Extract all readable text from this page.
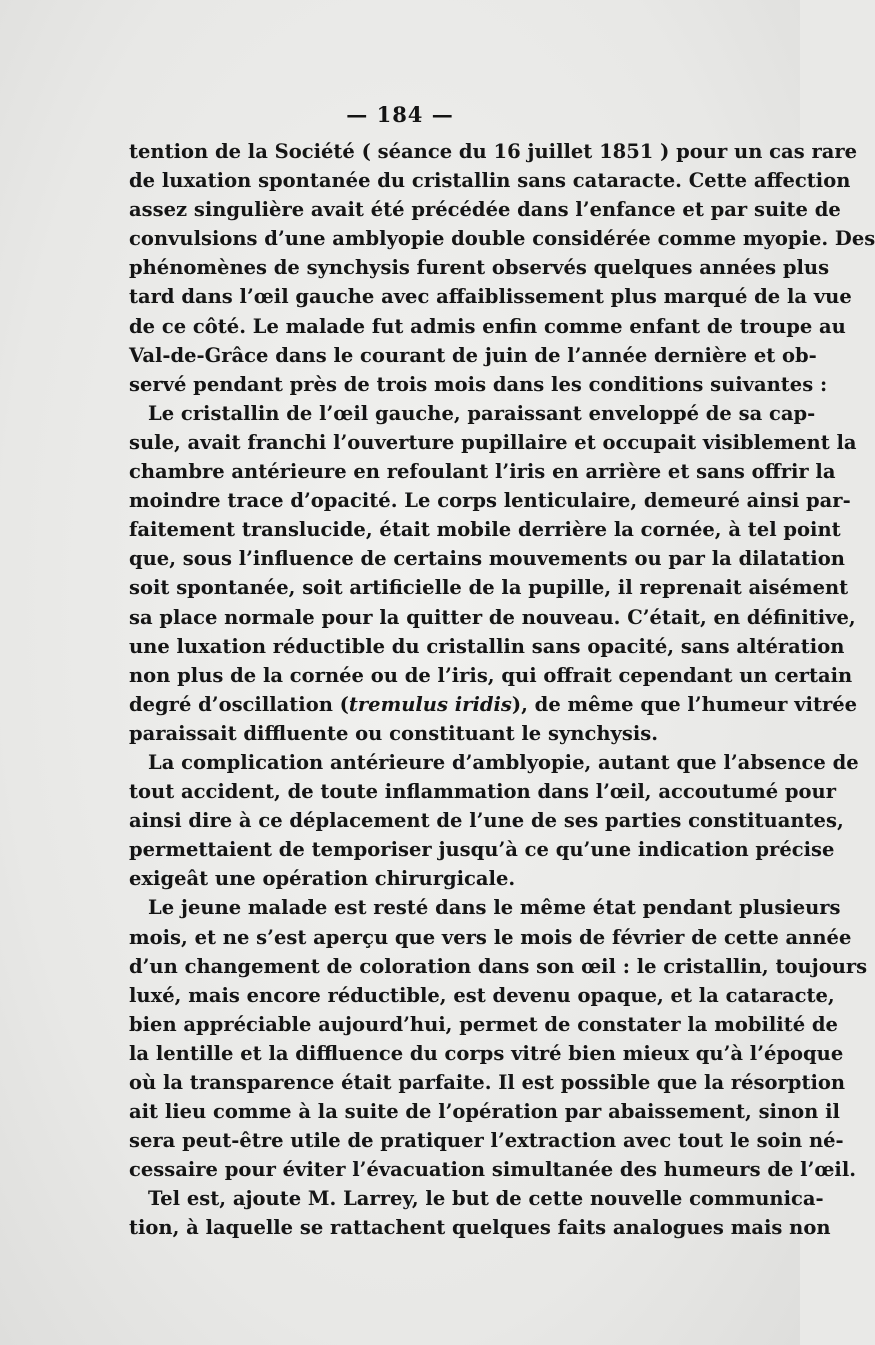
— 184 —
tention de la Société ( séance du 16 juillet 1851 ) pour un cas rare
de luxation spontanée du cristallin sans cataracte. Cette affection
assez singulière avait été précédée dans l’enfance et par suite de
convulsions d’une amblyopie double considérée comme myopie. Des
phénomènes de synchysis furent observés quelques années plus
tard dans l’œil gauche avec affaiblissement plus marqué de la vue
de ce côté. Le malade fut admis enfin comme enfant de troupe au
Val-de-Grâce dans le courant de juin de l’année dernière et ob-
servé pendant près de trois mois dans les conditions suivantes :
Le cristallin de l’œil gauche, paraissant enveloppé de sa cap-
sule, avait franchi l’ouverture pupillaire et occupait visiblement la
chambre antérieure en refoulant l’iris en arrière et sans offrir la
moindre trace d’opacité. Le corps lenticulaire, demeuré ainsi par-
faitement translucide, était mobile derrière la cornée, à tel point
que, sous l’influence de certains mouvements ou par la dilatation
soit spontanée, soit artificielle de la pupille, il reprenait aisément
sa place normale pour la quitter de nouveau. C’était, en définitive,
une luxation réductible du cristallin sans opacité, sans altération
non plus de la cornée ou de l’iris, qui offrait cependant un certain
degré d’oscillation (tremulus iridis), de même que l’humeur vitrée
paraissait diffluente ou constituant le synchysis.
La complication antérieure d’amblyopie, autant que l’absence de
tout accident, de toute inflammation dans l’œil, accoutumé pour
ainsi dire à ce déplacement de l’une de ses parties constituantes,
permettaient de temporiser jusqu’à ce qu’une indication précise
exigeât une opération chirurgicale.
Le jeune malade est resté dans le même état pendant plusieurs
mois, et ne s’est aperçu que vers le mois de février de cette année
d’un changement de coloration dans son œil : le cristallin, toujours
luxé, mais encore réductible, est devenu opaque, et la cataracte,
bien appréciable aujourd’hui, permet de constater la mobilité de
la lentille et la diffluence du corps vitré bien mieux qu’à l’époque
où la transparence était parfaite. Il est possible que la résorption
ait lieu comme à la suite de l’opération par abaissement, sinon il
sera peut-être utile de pratiquer l’extraction avec tout le soin né-
cessaire pour éviter l’évacuation simultanée des humeurs de l’œil.
Tel est, ajoute M. Larrey, le but de cette nouvelle communica-
tion, à laquelle se rattachent quelques faits analogues mais non
